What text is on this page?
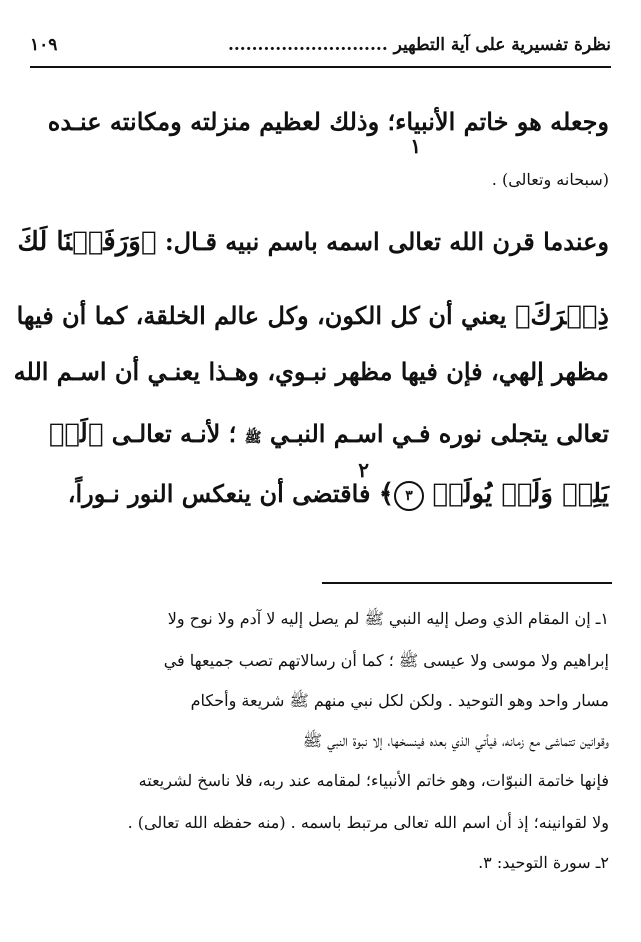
نظرة تفسيرية على آية التطهير ...........................
١٠٩
وجعله هو خاتم الأنبياء؛ وذلك لعظيم منزلته ومكانته عنـده
١
(سبحانه وتعالى) .
وعندما قرن الله تعالى اسمه باسم نبيه قـال: ﴿وَرَفَعۡنَا لَكَ
ذِكۡرَكَ﴾ يعني أن كل الكون، وكل عالم الخلقة، كما أن فيها
مظهر إلهي، فإن فيها مظهر نبـوي، وهـذا يعنـي أن اسـم الله
تعالى يتجلى نوره فـي اسـم النبـي ﷺ ؛ لأنـه تعالـى ﴿لَمۡ
٢
يَلِدۡ وَلَمۡ يُولَدۡ ٣﴾ فاقتضى أن ينعكس النور نـوراً،
١ـ إن المقام الذي وصل إليه النبي ﷺ لم يصل إليه لا آدم ولا نوح ولا
إبراهيم ولا موسى ولا عيسى ﷺ ؛ كما أن رسالاتهم تصب جميعها في
مسار واحد وهو التوحيد . ولكن لكل نبي منهم ﷺ شريعة وأحكام
وقوانين تتماشى مع زمانه، فيأتي الذي بعده فينسخها، إلا نبوة النبي ﷺ
فإنها خاتمة النبوّات، وهو خاتم الأنبياء؛ لمقامه عند ربه، فلا ناسخ لشريعته
ولا لقوانينه؛ إذ أن اسم الله تعالى مرتبط باسمه . (منه حفظه الله تعالى) .
٢ـ سورة التوحيد: ٣.
